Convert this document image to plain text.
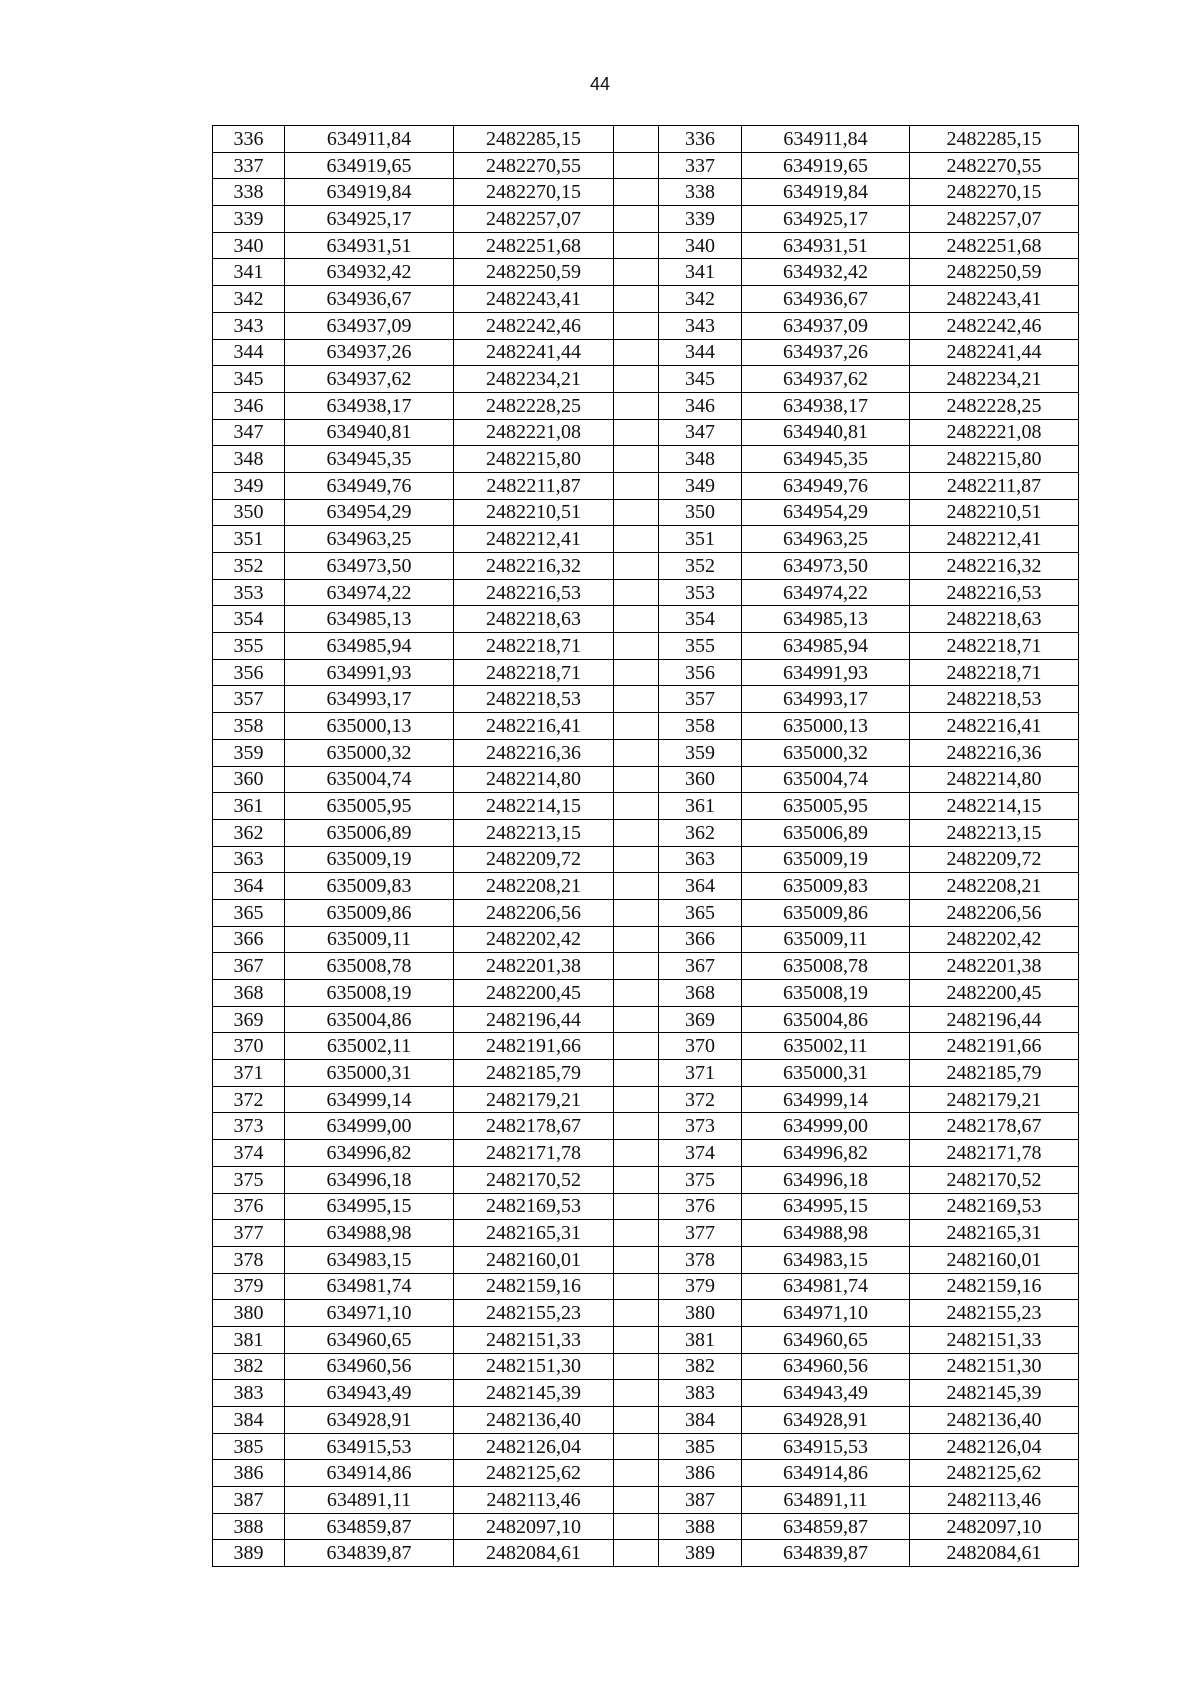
44
336	634911,84	2482285,15		336	634911,84	2482285,15
337	634919,65	2482270,55		337	634919,65	2482270,55
338	634919,84	2482270,15		338	634919,84	2482270,15
339	634925,17	2482257,07		339	634925,17	2482257,07
340	634931,51	2482251,68		340	634931,51	2482251,68
341	634932,42	2482250,59		341	634932,42	2482250,59
342	634936,67	2482243,41		342	634936,67	2482243,41
343	634937,09	2482242,46		343	634937,09	2482242,46
344	634937,26	2482241,44		344	634937,26	2482241,44
345	634937,62	2482234,21		345	634937,62	2482234,21
346	634938,17	2482228,25		346	634938,17	2482228,25
347	634940,81	2482221,08		347	634940,81	2482221,08
348	634945,35	2482215,80		348	634945,35	2482215,80
349	634949,76	2482211,87		349	634949,76	2482211,87
350	634954,29	2482210,51		350	634954,29	2482210,51
351	634963,25	2482212,41		351	634963,25	2482212,41
352	634973,50	2482216,32		352	634973,50	2482216,32
353	634974,22	2482216,53		353	634974,22	2482216,53
354	634985,13	2482218,63		354	634985,13	2482218,63
355	634985,94	2482218,71		355	634985,94	2482218,71
356	634991,93	2482218,71		356	634991,93	2482218,71
357	634993,17	2482218,53		357	634993,17	2482218,53
358	635000,13	2482216,41		358	635000,13	2482216,41
359	635000,32	2482216,36		359	635000,32	2482216,36
360	635004,74	2482214,80		360	635004,74	2482214,80
361	635005,95	2482214,15		361	635005,95	2482214,15
362	635006,89	2482213,15		362	635006,89	2482213,15
363	635009,19	2482209,72		363	635009,19	2482209,72
364	635009,83	2482208,21		364	635009,83	2482208,21
365	635009,86	2482206,56		365	635009,86	2482206,56
366	635009,11	2482202,42		366	635009,11	2482202,42
367	635008,78	2482201,38		367	635008,78	2482201,38
368	635008,19	2482200,45		368	635008,19	2482200,45
369	635004,86	2482196,44		369	635004,86	2482196,44
370	635002,11	2482191,66		370	635002,11	2482191,66
371	635000,31	2482185,79		371	635000,31	2482185,79
372	634999,14	2482179,21		372	634999,14	2482179,21
373	634999,00	2482178,67		373	634999,00	2482178,67
374	634996,82	2482171,78		374	634996,82	2482171,78
375	634996,18	2482170,52		375	634996,18	2482170,52
376	634995,15	2482169,53		376	634995,15	2482169,53
377	634988,98	2482165,31		377	634988,98	2482165,31
378	634983,15	2482160,01		378	634983,15	2482160,01
379	634981,74	2482159,16		379	634981,74	2482159,16
380	634971,10	2482155,23		380	634971,10	2482155,23
381	634960,65	2482151,33		381	634960,65	2482151,33
382	634960,56	2482151,30		382	634960,56	2482151,30
383	634943,49	2482145,39		383	634943,49	2482145,39
384	634928,91	2482136,40		384	634928,91	2482136,40
385	634915,53	2482126,04		385	634915,53	2482126,04
386	634914,86	2482125,62		386	634914,86	2482125,62
387	634891,11	2482113,46		387	634891,11	2482113,46
388	634859,87	2482097,10		388	634859,87	2482097,10
389	634839,87	2482084,61		389	634839,87	2482084,61
